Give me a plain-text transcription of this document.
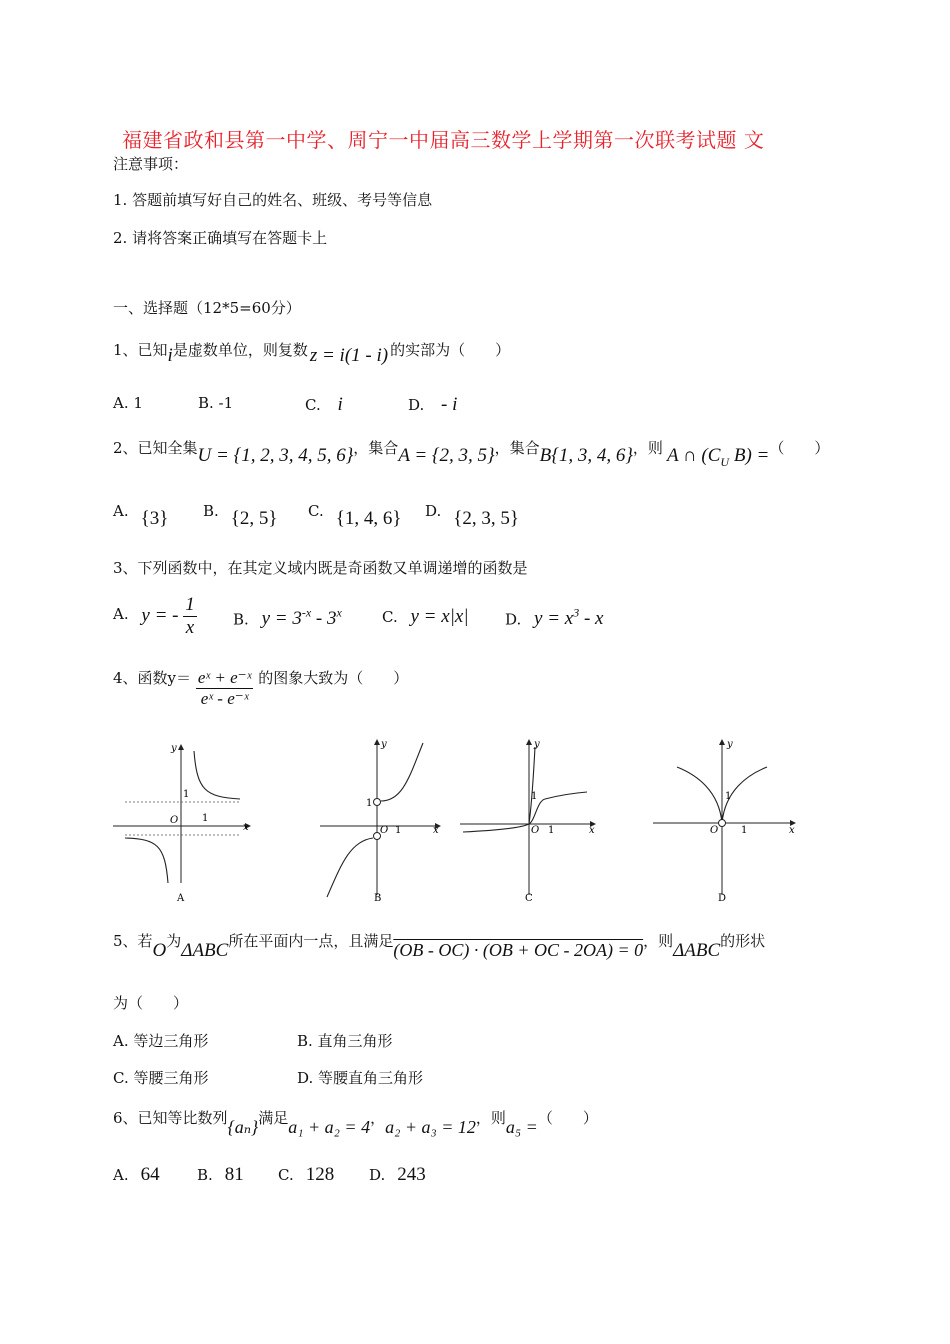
福建省政和县第一中学、周宁一中届高三数学上学期第一次联考试题 文
注意事项：
1. 答题前填写好自己的姓名、班级、考号等信息
2. 请将答案正确填写在答题卡上
一、选择题（12*5=60分）
1、已知i是虚数单位，则复数 z = i(1 - i) 的实部为（　　）
A. 1	B. -1	C. i	D. - i
2、已知全集U = {1, 2, 3, 4, 5, 6}，集合A = {2, 3, 5}，集合B{1, 3, 4, 6}，则 A ∩ ($C_U$ B) =（　　）
A. {3} B. {2, 5} C. {1, 4, 6} D. {2, 3, 5}
3、下列函数中，在其定义域内既是奇函数又单调递增的函数是
A. y = - $\frac{1}{x} B$. $y = 3^{-x} - 3^x$	C. y = x|x| D. $y = x^3 - x$
4、函数$y= \frac{\text{eˣ + e⁻ˣ}}{\text{eˣ - e⁻ˣ}}$ 的图象大致为（　　）
1
1
O
x
y
A
1
1
O	x
y
B
1
1
O	x
y
C
1
1
O	x
y
D
5、若O为ΔABC所在平面内一点，且满足(OB - OC) · (OB + OC - 2OA) = 0，则ΔABC的形状
为（　　）
A. 等边三角形	B. 直角三角形
C. 等腰三角形	D. 等腰直角三角形
6、已知等比数列{aₙ}满足a₁ + a₂ = 4，a₂ + a₃ = 12，则a₅ =（　　）
A. 64 B. 81 C. 128 D. 243
